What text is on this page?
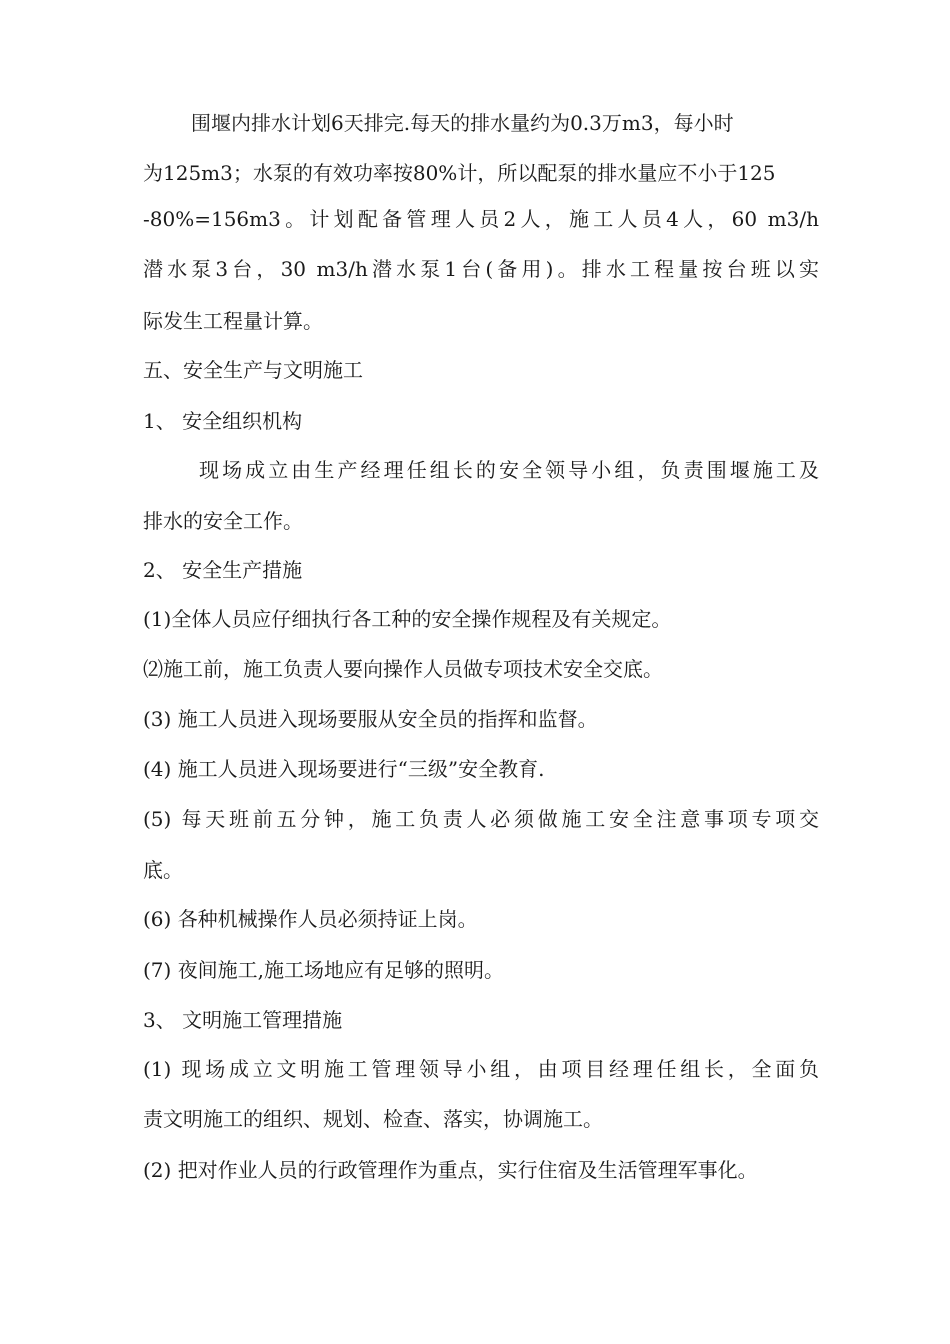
围堰内排水计划6天排完.每天的排水量约为0.3万m3，每小时

为125m3；水泵的有效功率按80%计，所以配泵的排水量应不小于125

-80%=156m3。计划配备管理人员2人，施工人员4人，60 m3/h

潜水泵3台，30 m3/h潜水泵1台(备用)。排水工程量按台班以实

际发生工程量计算。

五、安全生产与文明施工

1、 安全组织机构

现场成立由生产经理任组长的安全领导小组，负责围堰施工及

排水的安全工作。

2、 安全生产措施

(1)全体人员应仔细执行各工种的安全操作规程及有关规定。

⑵施工前，施工负责人要向操作人员做专项技术安全交底。

(3) 施工人员进入现场要服从安全员的指挥和监督。

(4) 施工人员进入现场要进行“三级”安全教育.

(5) 每天班前五分钟，施工负责人必须做施工安全注意事项专项交

底。

(6) 各种机械操作人员必须持证上岗。

(7) 夜间施工,施工场地应有足够的照明。

3、 文明施工管理措施

(1) 现场成立文明施工管理领导小组，由项目经理任组长，全面负

责文明施工的组织、规划、检查、落实，协调施工。

(2) 把对作业人员的行政管理作为重点，实行住宿及生活管理军事化。
